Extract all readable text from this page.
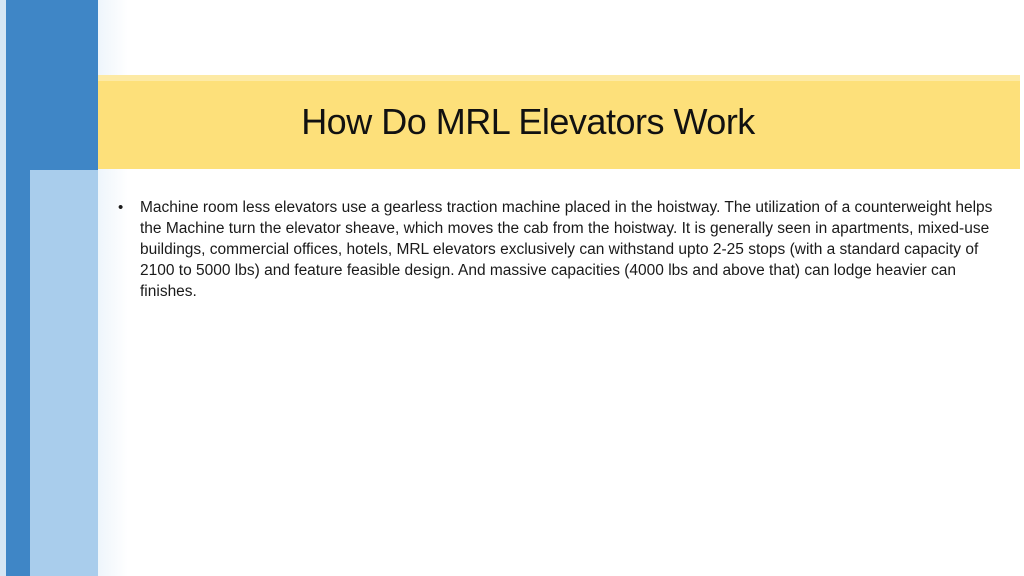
How Do MRL Elevators Work
• Machine room less elevators use a gearless traction machine placed in the hoistway. The utilization of a counterweight helps the Machine turn the elevator sheave, which moves the cab from the hoistway. It is generally seen in apartments, mixed-use buildings, commercial offices, hotels, MRL elevators exclusively can withstand upto 2-25 stops (with a standard capacity of 2100 to 5000 lbs) and feature feasible design. And massive capacities (4000 lbs and above that) can lodge heavier can finishes.
